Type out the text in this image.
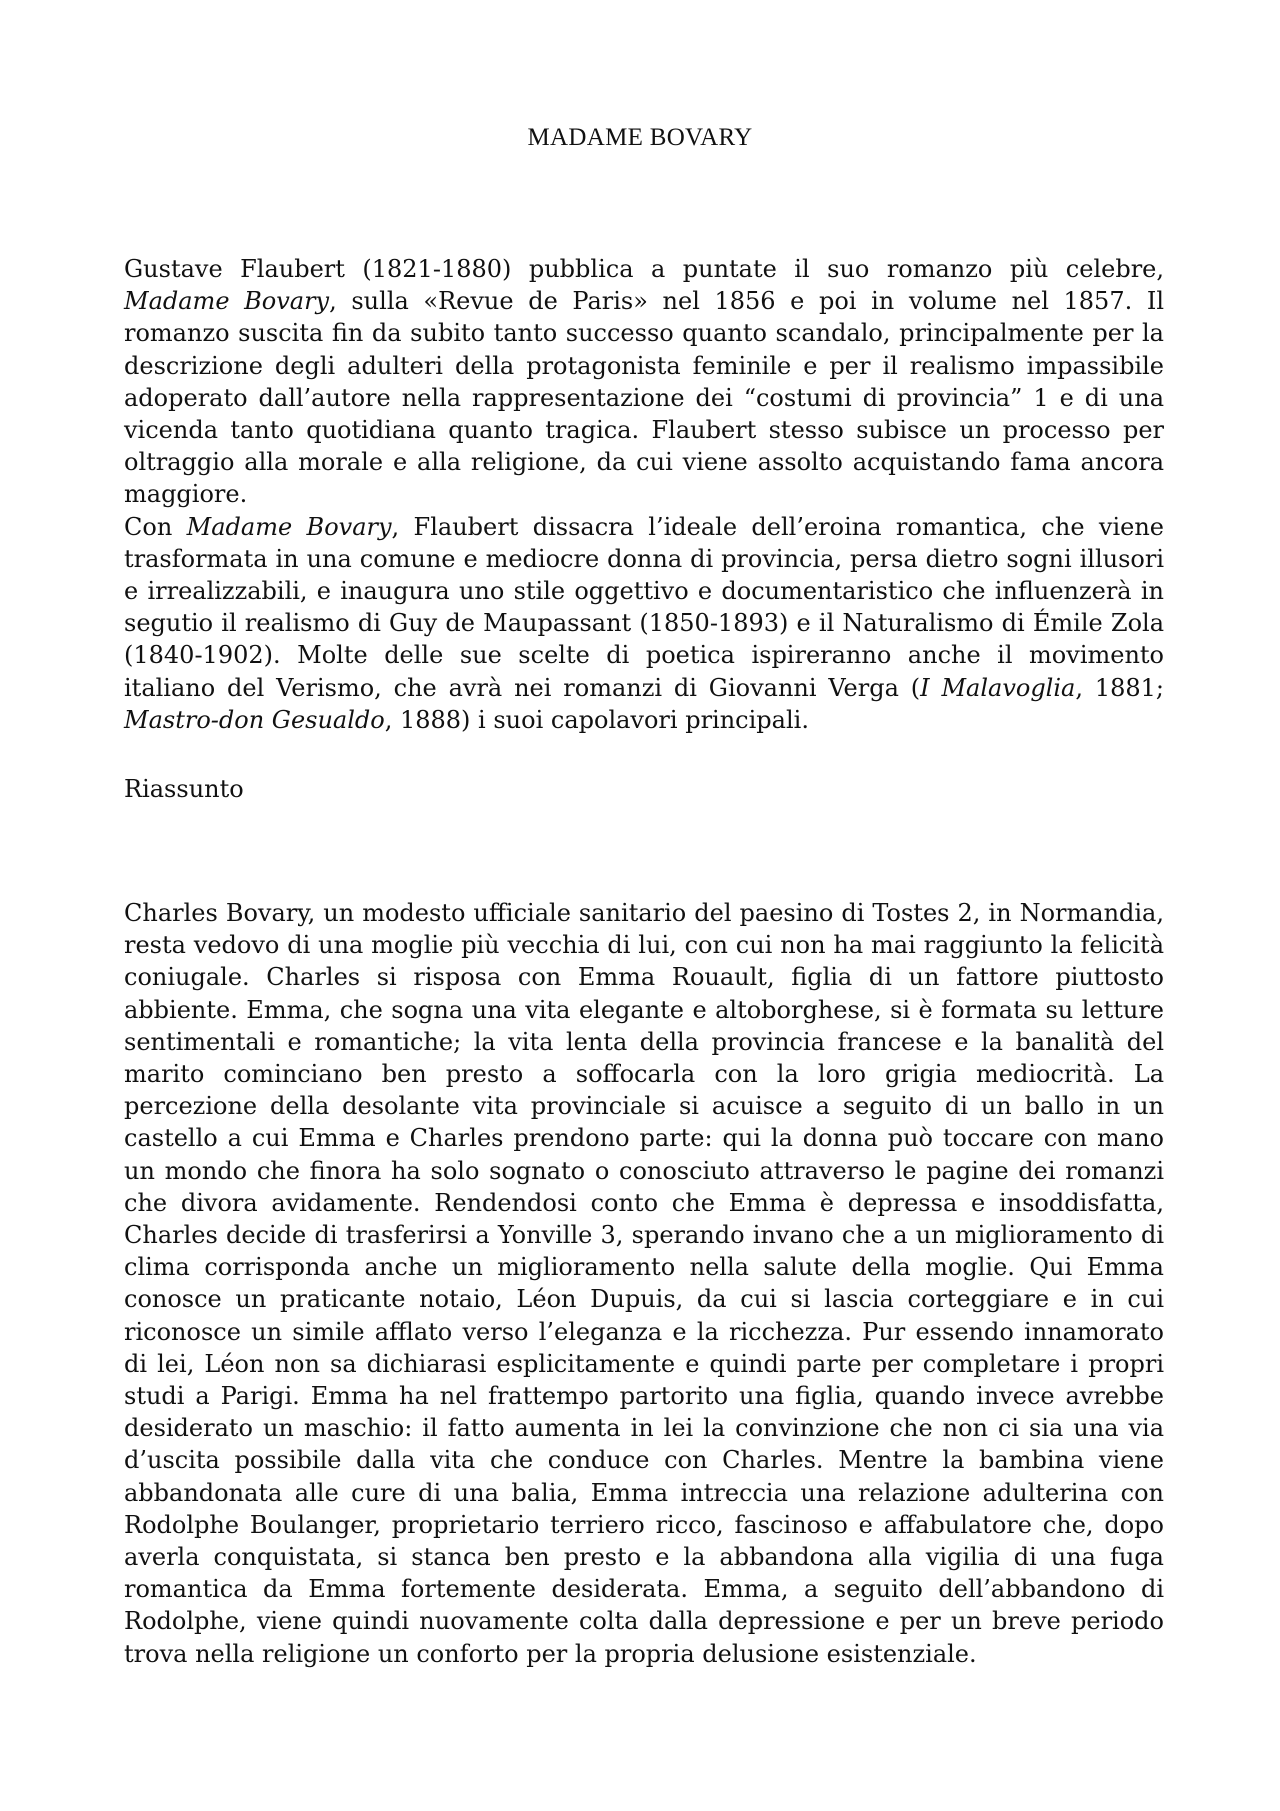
MADAME BOVARY

Gustave Flaubert (1821-1880) pubblica a puntate il suo romanzo più celebre, Madame Bovary, sulla «Revue de Paris» nel 1856 e poi in volume nel 1857. Il romanzo suscita fin da subito tanto successo quanto scandalo, principalmente per la descrizione degli adulteri della protagonista feminile e per il realismo impassibile adoperato dall’autore nella rappresentazione dei “costumi di provincia” 1 e di una vicenda tanto quotidiana quanto tragica. Flaubert stesso subisce un processo per oltraggio alla morale e alla religione, da cui viene assolto acquistando fama ancora maggiore.

Con Madame Bovary, Flaubert dissacra l’ideale dell’eroina romantica, che viene trasformata in una comune e mediocre donna di provincia, persa dietro sogni illusori e irrealizzabili, e inaugura uno stile oggettivo e documentaristico che influenzerà in segutio il realismo di Guy de Maupassant (1850-1893) e il Naturalismo di Émile Zola (1840-1902). Molte delle sue scelte di poetica ispireranno anche il movimento italiano del Verismo, che avrà nei romanzi di Giovanni Verga (I Malavoglia, 1881; Mastro-don Gesualdo, 1888) i suoi capolavori principali.

Riassunto
Charles Bovary, un modesto ufficiale sanitario del paesino di Tostes 2, in Normandia, resta vedovo di una moglie più vecchia di lui, con cui non ha mai raggiunto la felicità coniugale. Charles si risposa con Emma Rouault, figlia di un fattore piuttosto abbiente. Emma, che sogna una vita elegante e altoborghese, si è formata su letture sentimentali e romantiche; la vita lenta della provincia francese e la banalità del marito cominciano ben presto a soffocarla con la loro grigia mediocrità. La percezione della desolante vita provinciale si acuisce a seguito di un ballo in un castello a cui Emma e Charles prendono parte: qui la donna può toccare con mano un mondo che finora ha solo sognato o conosciuto attraverso le pagine dei romanzi che divora avidamente. Rendendosi conto che Emma è depressa e insoddisfatta, Charles decide di trasferirsi a Yonville 3, sperando invano che a un miglioramento di clima corrisponda anche un miglioramento nella salute della moglie. Qui Emma conosce un praticante notaio, Léon Dupuis, da cui si lascia corteggiare e in cui riconosce un simile afflato verso l’eleganza e la ricchezza. Pur essendo innamorato di lei, Léon non sa dichiarasi esplicitamente e quindi parte per completare i propri studi a Parigi. Emma ha nel frattempo partorito una figlia, quando invece avrebbe desiderato un maschio: il fatto aumenta in lei la convinzione che non ci sia una via d’uscita possibile dalla vita che conduce con Charles. Mentre la bambina viene abbandonata alle cure di una balia, Emma intreccia una relazione adulterina con Rodolphe Boulanger, proprietario terriero ricco, fascinoso e affabulatore che, dopo averla conquistata, si stanca ben presto e la abbandona alla vigilia di una fuga romantica da Emma fortemente desiderata. Emma, a seguito dell’abbandono di Rodolphe, viene quindi nuovamente colta dalla depressione e per un breve periodo trova nella religione un conforto per la propria delusione esistenziale.
